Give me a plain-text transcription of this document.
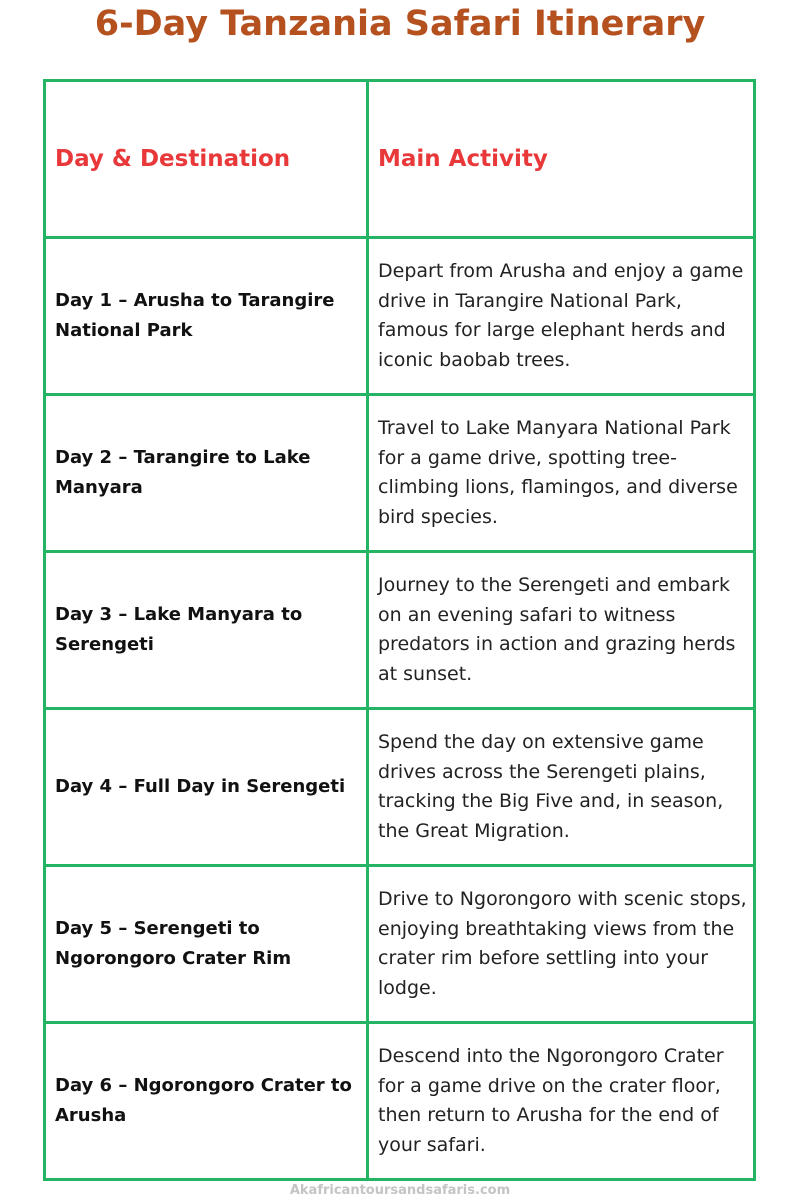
6-Day Tanzania Safari Itinerary
Day & Destination	Main Activity
Day 1 – Arusha to Tarangire National Park	Depart from Arusha and enjoy a game drive in Tarangire National Park, famous for large elephant herds and iconic baobab trees.
Day 2 – Tarangire to Lake Manyara	Travel to Lake Manyara National Park for a game drive, spotting tree-climbing lions, flamingos, and diverse bird species.
Day 3 – Lake Manyara to Serengeti	Journey to the Serengeti and embark on an evening safari to witness predators in action and grazing herds at sunset.
Day 4 – Full Day in Serengeti	Spend the day on extensive game drives across the Serengeti plains, tracking the Big Five and, in season, the Great Migration.
Day 5 – Serengeti to Ngorongoro Crater Rim	Drive to Ngorongoro with scenic stops, enjoying breathtaking views from the crater rim before settling into your lodge.
Day 6 – Ngorongoro Crater to Arusha	Descend into the Ngorongoro Crater for a game drive on the crater floor, then return to Arusha for the end of your safari.
Akafricantoursandsafaris.com
